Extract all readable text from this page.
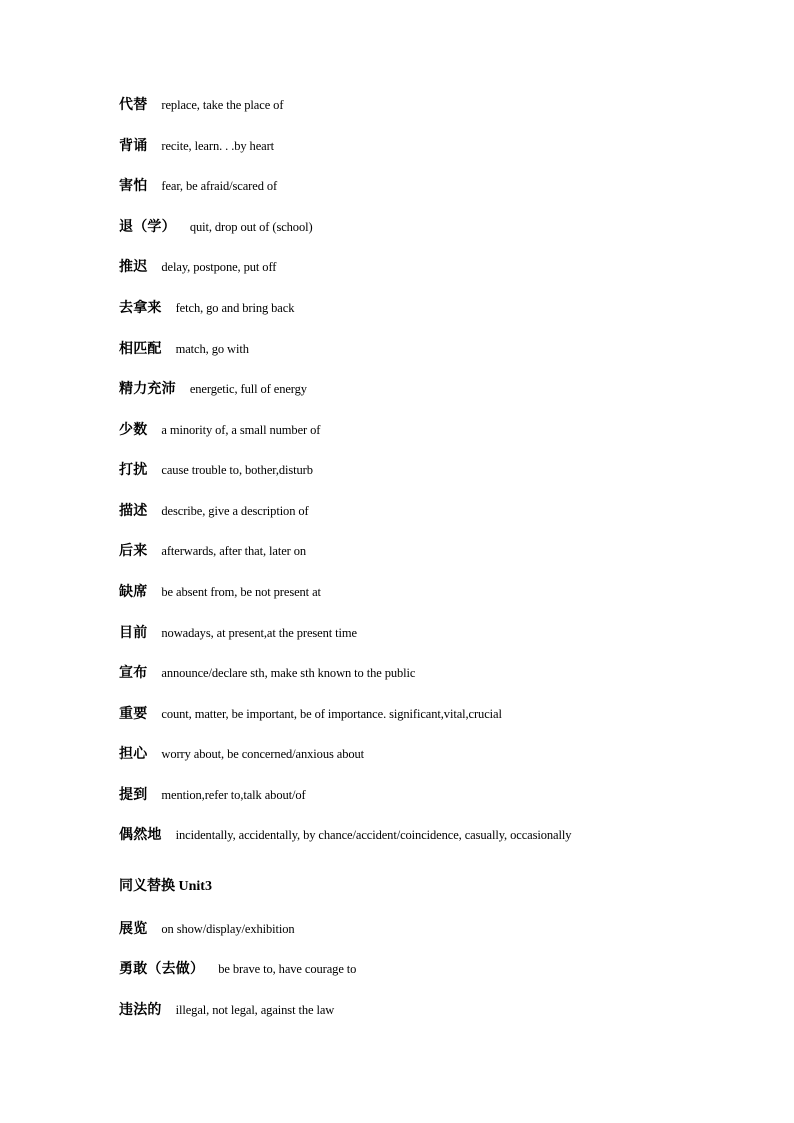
代替 replace, take the place of
背诵 recite, learn. . .by heart
害怕 fear, be afraid/scared of
退（学） quit, drop out of (school)
推迟 delay, postpone, put off
去拿来 fetch, go and bring back
相匹配 match, go with
精力充沛 energetic, full of energy
少数 a minority of, a small number of
打扰 cause trouble to, bother,disturb
描述 describe, give a description of
后来 afterwards, after that, later on
缺席 be absent from, be not present at
目前 nowadays, at present,at the present time
宣布 announce/declare sth, make sth known to the public
重要 count, matter, be important, be of importance. significant,vital,crucial
担心 worry about, be concerned/anxious about
提到 mention,refer to,talk about/of
偶然地 incidentally, accidentally, by chance/accident/coincidence, casually, occasionally
同义替换 Unit3
展览 on show/display/exhibition
勇敢（去做） be brave to, have courage to
违法的 illegal, not legal, against the law
